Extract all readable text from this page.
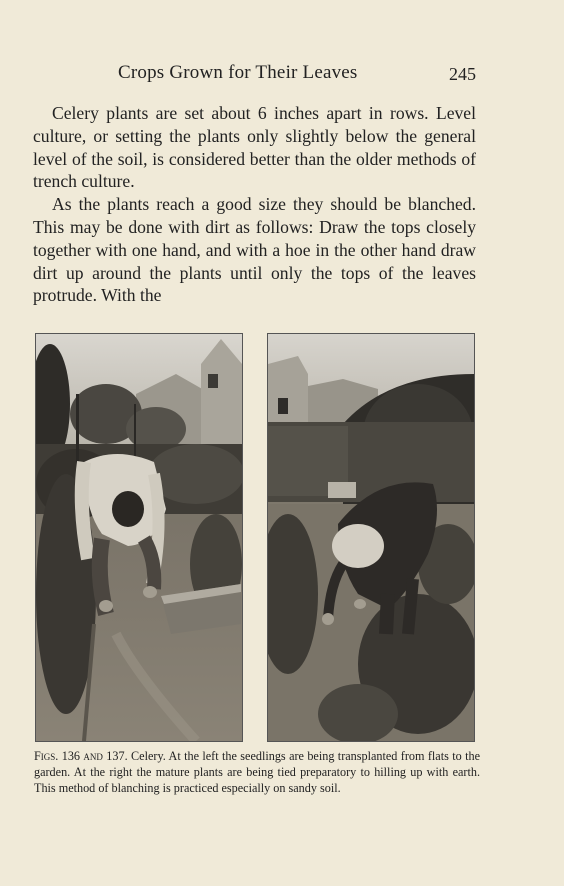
Crops Grown for Their Leaves	245

Celery plants are set about 6 inches apart in rows. Level culture, or setting the plants only slightly below the general level of the soil, is considered better than the older methods of trench culture.

As the plants reach a good size they should be blanched. This may be done with dirt as follows: Draw the tops closely together with one hand, and with a hoe in the other hand draw dirt up around the plants until only the tops of the leaves protrude. With the

Figs. 136 and 137. Celery. At the left the seedlings are being transplanted from flats to the garden. At the right the mature plants are being tied preparatory to hilling up with earth. This method of blanching is practiced especially on sandy soil.
